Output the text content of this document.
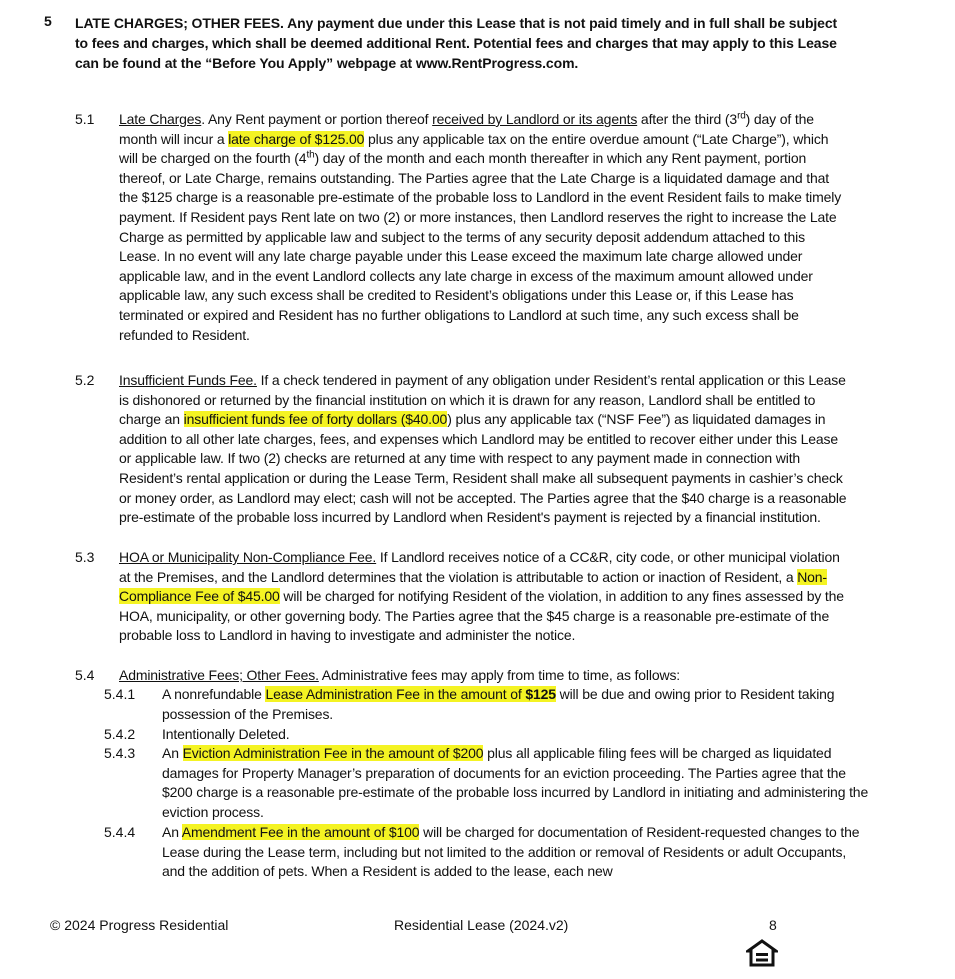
5 LATE CHARGES; OTHER FEES. Any payment due under this Lease that is not paid timely and in full shall be subject to fees and charges, which shall be deemed additional Rent. Potential fees and charges that may apply to this Lease can be found at the “Before You Apply” webpage at www.RentProgress.com.
5.1 Late Charges. Any Rent payment or portion thereof received by Landlord or its agents after the third (3rd) day of the month will incur a late charge of $125.00 plus any applicable tax on the entire overdue amount (“Late Charge”), which will be charged on the fourth (4th) day of the month and each month thereafter in which any Rent payment, portion thereof, or Late Charge, remains outstanding. The Parties agree that the Late Charge is a liquidated damage and that the $125 charge is a reasonable pre-estimate of the probable loss to Landlord in the event Resident fails to make timely payment. If Resident pays Rent late on two (2) or more instances, then Landlord reserves the right to increase the Late Charge as permitted by applicable law and subject to the terms of any security deposit addendum attached to this Lease. In no event will any late charge payable under this Lease exceed the maximum late charge allowed under applicable law, and in the event Landlord collects any late charge in excess of the maximum amount allowed under applicable law, any such excess shall be credited to Resident’s obligations under this Lease or, if this Lease has terminated or expired and Resident has no further obligations to Landlord at such time, any such excess shall be refunded to Resident.
5.2 Insufficient Funds Fee. If a check tendered in payment of any obligation under Resident’s rental application or this Lease is dishonored or returned by the financial institution on which it is drawn for any reason, Landlord shall be entitled to charge an insufficient funds fee of forty dollars ($40.00) plus any applicable tax (“NSF Fee”) as liquidated damages in addition to all other late charges, fees, and expenses which Landlord may be entitled to recover either under this Lease or applicable law. If two (2) checks are returned at any time with respect to any payment made in connection with Resident’s rental application or during the Lease Term, Resident shall make all subsequent payments in cashier’s check or money order, as Landlord may elect; cash will not be accepted. The Parties agree that the $40 charge is a reasonable pre-estimate of the probable loss incurred by Landlord when Resident's payment is rejected by a financial institution.
5.3 HOA or Municipality Non-Compliance Fee. If Landlord receives notice of a CC&R, city code, or other municipal violation at the Premises, and the Landlord determines that the violation is attributable to action or inaction of Resident, a Non-Compliance Fee of $45.00 will be charged for notifying Resident of the violation, in addition to any fines assessed by the HOA, municipality, or other governing body. The Parties agree that the $45 charge is a reasonable pre-estimate of the probable loss to Landlord in having to investigate and administer the notice.
5.4 Administrative Fees; Other Fees. Administrative fees may apply from time to time, as follows:
5.4.1 A nonrefundable Lease Administration Fee in the amount of $125 will be due and owing prior to Resident taking possession of the Premises.
5.4.2 Intentionally Deleted.
5.4.3 An Eviction Administration Fee in the amount of $200 plus all applicable filing fees will be charged as liquidated damages for Property Manager’s preparation of documents for an eviction proceeding. The Parties agree that the $200 charge is a reasonable pre-estimate of the probable loss incurred by Landlord in initiating and administering the eviction process.
5.4.4 An Amendment Fee in the amount of $100 will be charged for documentation of Resident-requested changes to the Lease during the Lease term, including but not limited to the addition or removal of Residents or adult Occupants, and the addition of pets. When a Resident is added to the lease, each new
© 2024 Progress Residential	Residential Lease (2024.v2)	8
